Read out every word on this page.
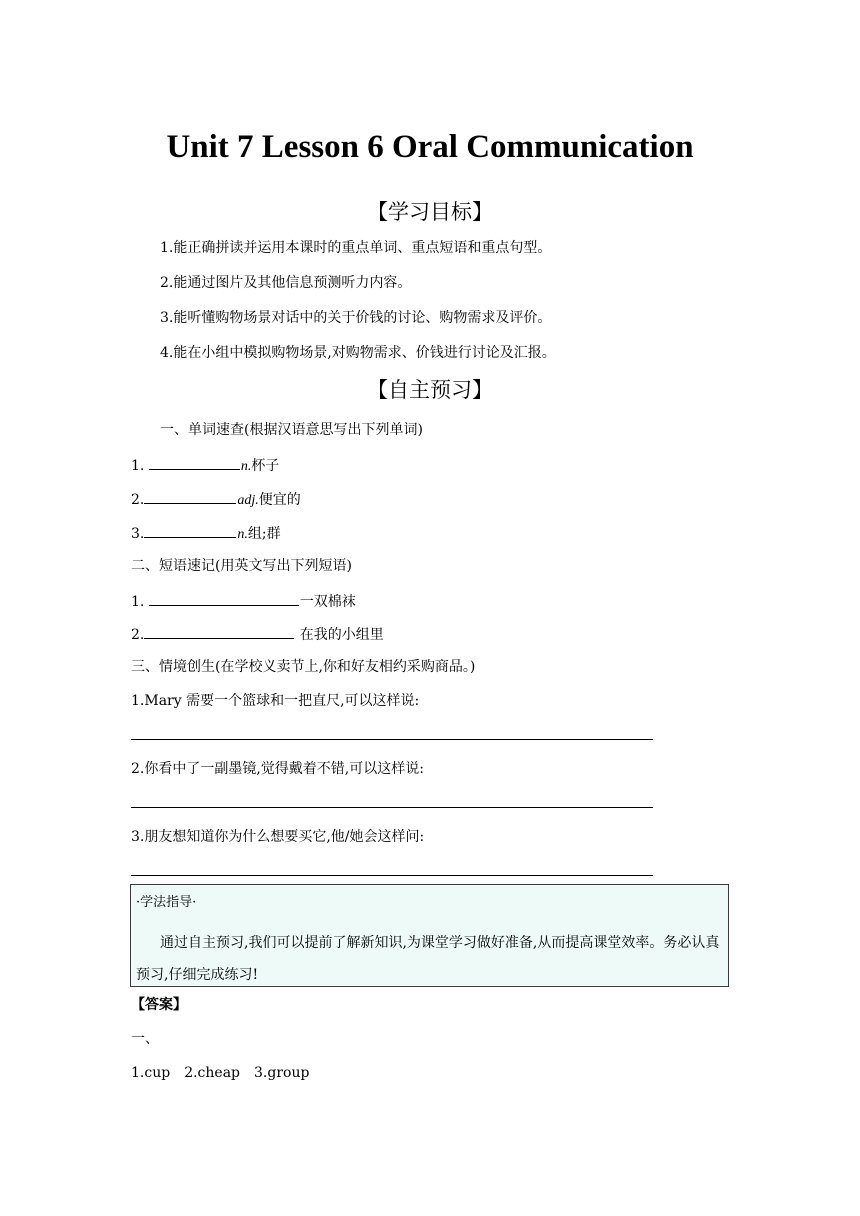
Unit 7 Lesson 6 Oral Communication
【学习目标】
1.能正确拼读并运用本课时的重点单词、重点短语和重点句型。
2.能通过图片及其他信息预测听力内容。
3.能听懂购物场景对话中的关于价钱的讨论、购物需求及评价。
4.能在小组中模拟购物场景,对购物需求、价钱进行讨论及汇报。
【自主预习】
一、单词速查(根据汉语意思写出下列单词)
1.	n.杯子
2.	adj.便宜的
3.	n.组;群
二、短语速记(用英文写出下列短语)
1.	一双棉袜
2.	在我的小组里
三、情境创生(在学校义卖节上,你和好友相约采购商品。)
1.Mary 需要一个篮球和一把直尺,可以这样说:
2.你看中了一副墨镜,觉得戴着不错,可以这样说:
3.朋友想知道你为什么想要买它,他/她会这样问:
·学法指导·
通过自主预习,我们可以提前了解新知识,为课堂学习做好准备,从而提高课堂效率。务必认真预习,仔细完成练习!
【答案】
一、
1.cup 2.cheap 3.group
